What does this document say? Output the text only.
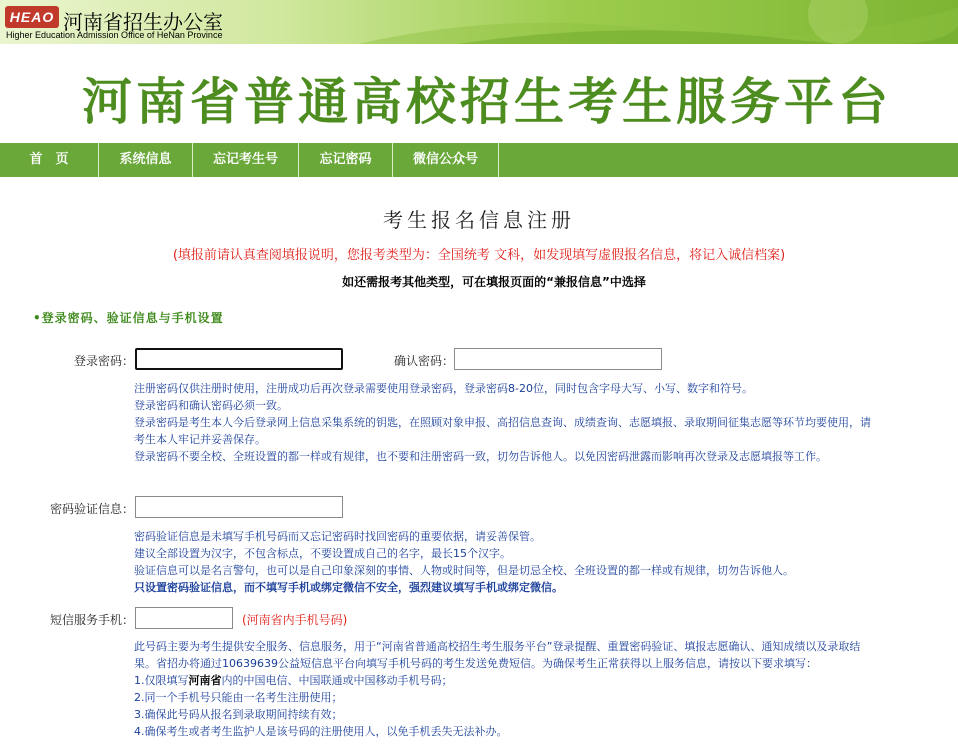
HEAO 河南省招生办公室
Higher Education Admission Office of HeNan Province
河南省普通高校招生考生服务平台
首　页	系统信息	忘记考生号	忘记密码	微信公众号
考生报名信息注册
(填报前请认真查阅填报说明，您报考类型为：全国统考 文科，如发现填写虚假报名信息，将记入诚信档案)
如还需报考其他类型，可在填报页面的“兼报信息”中选择
•登录密码、验证信息与手机设置
登录密码：	确认密码：
注册密码仅供注册时使用，注册成功后再次登录需要使用登录密码，登录密码8-20位，同时包含字母大写、小写、数字和符号。
登录密码和确认密码必须一致。
登录密码是考生本人今后登录网上信息采集系统的钥匙，在照顾对象申报、高招信息查询、成绩查询、志愿填报、录取期间征集志愿等环节均要使用，请
考生本人牢记并妥善保存。
登录密码不要全校、全班设置的都一样或有规律，也不要和注册密码一致，切勿告诉他人。以免因密码泄露而影响再次登录及志愿填报等工作。
密码验证信息：
密码验证信息是未填写手机号码而又忘记密码时找回密码的重要依据，请妥善保管。
建议全部设置为汉字，不包含标点，不要设置成自己的名字，最长15个汉字。
验证信息可以是名言警句，也可以是自己印象深刻的事情、人物或时间等，但是切忌全校、全班设置的都一样或有规律，切勿告诉他人。
只设置密码验证信息，而不填写手机或绑定微信不安全，强烈建议填写手机或绑定微信。
短信服务手机：	(河南省内手机号码)
此号码主要为考生提供安全服务、信息服务，用于“河南省普通高校招生考生服务平台”登录提醒、重置密码验证、填报志愿确认、通知成绩以及录取结
果。省招办将通过10639639公益短信息平台向填写手机号码的考生发送免费短信。为确保考生正常获得以上服务信息，请按以下要求填写：
1.仅限填写河南省内的中国电信、中国联通或中国移动手机号码；
2.同一个手机号只能由一名考生注册使用；
3.确保此号码从报名到录取期间持续有效；
4.确保考生或者考生监护人是该号码的注册使用人，以免手机丢失无法补办。
